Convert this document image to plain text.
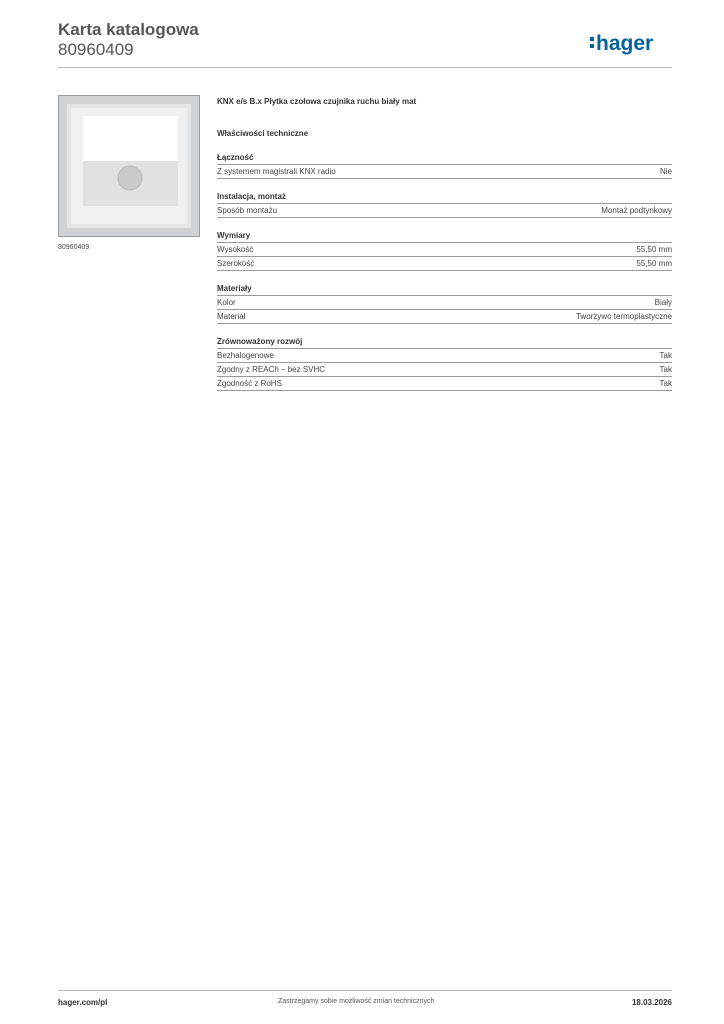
Karta katalogowa
80960409	hager
80960409
KNX e/s B.x Płytka czołowa czujnika ruchu biały mat
Właściwości techniczne
Łączność
Z systemem magistrali KNX radio	Nie
Instalacja, montaż
Sposób montażu	Montaż podtynkowy
Wymiary
Wysokość	55,50 mm
Szerokość	55,50 mm
Materiały
Kolor	Biały
Materiał	Tworzywo termoplastyczne
Zrównoważony rozwój
Bezhalogenowe	Tak
Zgodny z REACh – bez SVHC	Tak
Zgodność z RoHS	Tak
hager.com/pl	Zastrzegamy sobie możliwość zmian technicznych	18.03.2026
